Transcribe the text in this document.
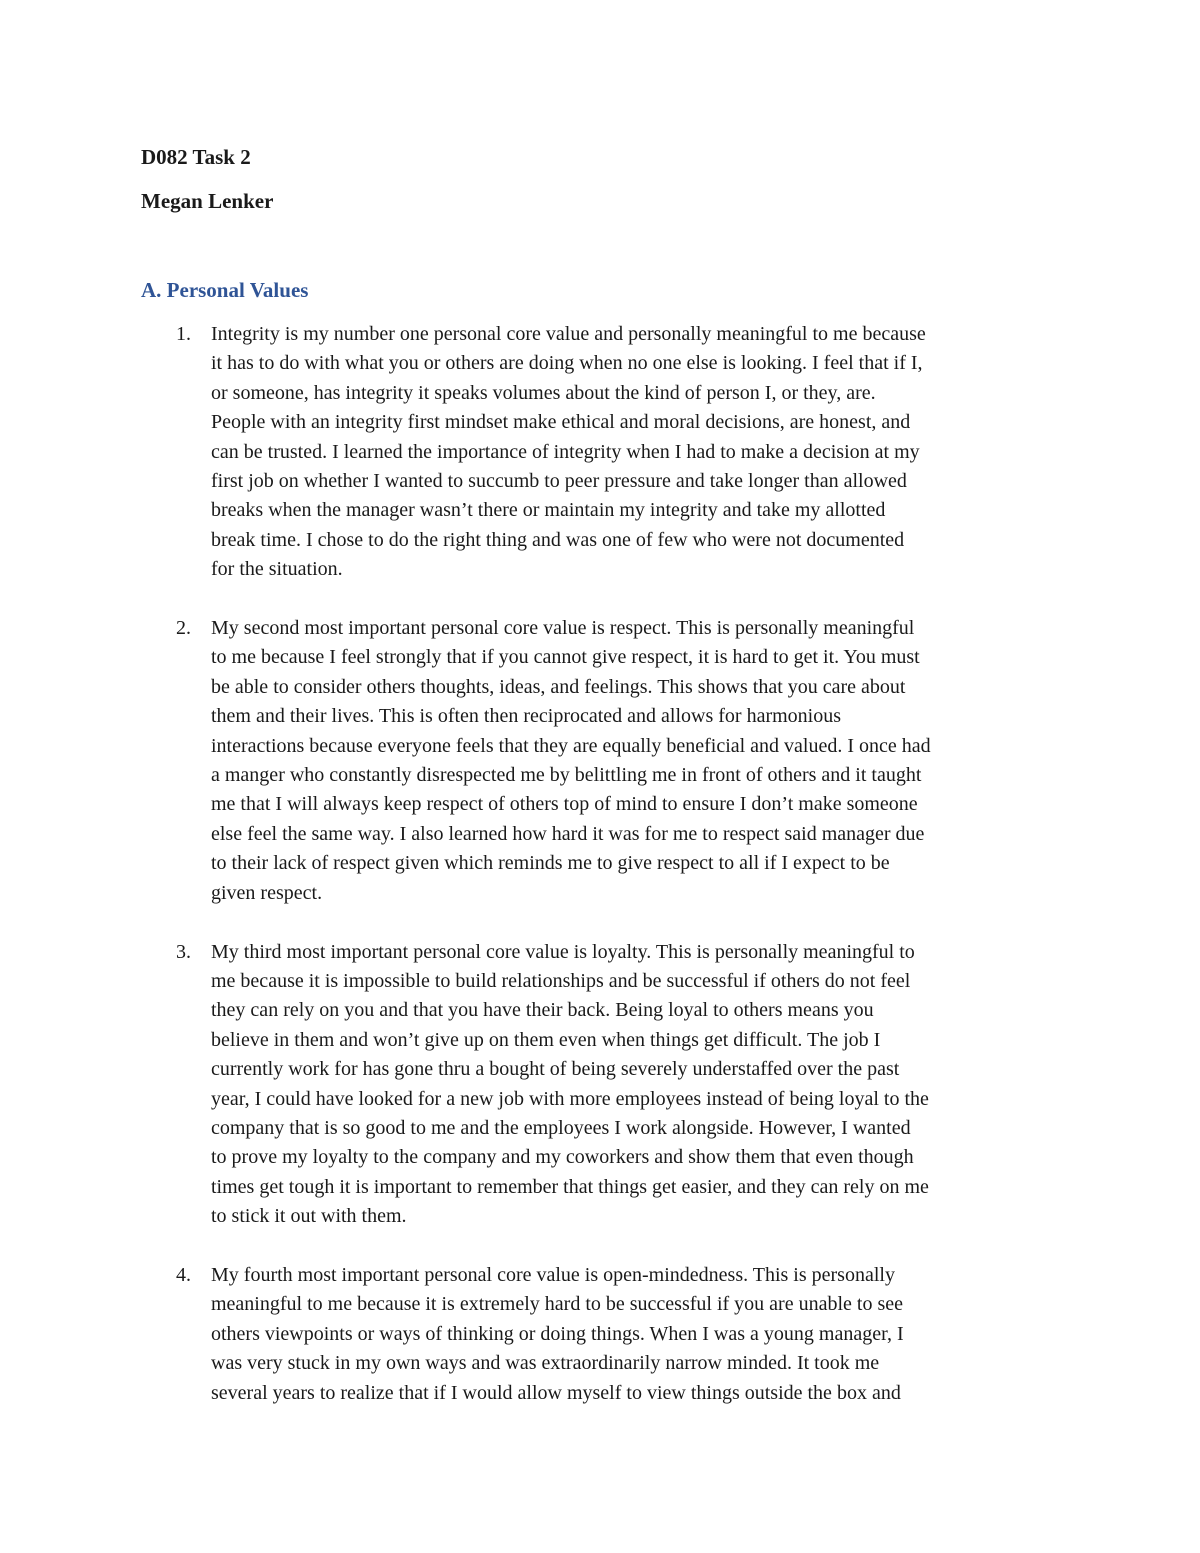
D082 Task 2
Megan Lenker
A. Personal Values
1. Integrity is my number one personal core value and personally meaningful to me because
it has to do with what you or others are doing when no one else is looking. I feel that if I,
or someone, has integrity it speaks volumes about the kind of person I, or they, are.
People with an integrity first mindset make ethical and moral decisions, are honest, and
can be trusted. I learned the importance of integrity when I had to make a decision at my
first job on whether I wanted to succumb to peer pressure and take longer than allowed
breaks when the manager wasn’t there or maintain my integrity and take my allotted
break time. I chose to do the right thing and was one of few who were not documented
for the situation.
2. My second most important personal core value is respect. This is personally meaningful
to me because I feel strongly that if you cannot give respect, it is hard to get it. You must
be able to consider others thoughts, ideas, and feelings. This shows that you care about
them and their lives. This is often then reciprocated and allows for harmonious
interactions because everyone feels that they are equally beneficial and valued. I once had
a manger who constantly disrespected me by belittling me in front of others and it taught
me that I will always keep respect of others top of mind to ensure I don’t make someone
else feel the same way. I also learned how hard it was for me to respect said manager due
to their lack of respect given which reminds me to give respect to all if I expect to be
given respect.
3. My third most important personal core value is loyalty. This is personally meaningful to
me because it is impossible to build relationships and be successful if others do not feel
they can rely on you and that you have their back. Being loyal to others means you
believe in them and won’t give up on them even when things get difficult. The job I
currently work for has gone thru a bought of being severely understaffed over the past
year, I could have looked for a new job with more employees instead of being loyal to the
company that is so good to me and the employees I work alongside. However, I wanted
to prove my loyalty to the company and my coworkers and show them that even though
times get tough it is important to remember that things get easier, and they can rely on me
to stick it out with them.
4. My fourth most important personal core value is open-mindedness. This is personally
meaningful to me because it is extremely hard to be successful if you are unable to see
others viewpoints or ways of thinking or doing things. When I was a young manager, I
was very stuck in my own ways and was extraordinarily narrow minded. It took me
several years to realize that if I would allow myself to view things outside the box and
